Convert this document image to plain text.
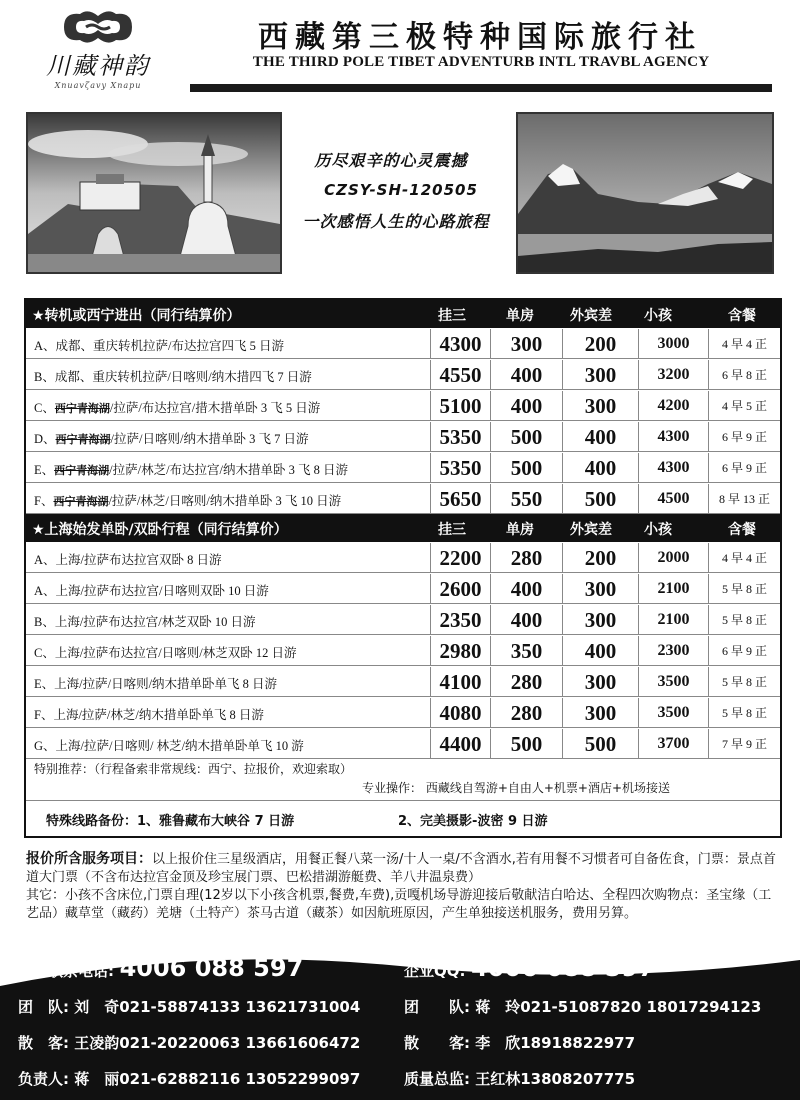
川藏神韵
Xnuavζavy Xnapu
西藏第三极特种国际旅行社
THE THIRD POLE TIBET ADVENTURB INTL TRAVBL AGENCY
历尽艰辛的心灵震撼
CZSY-SH-120505
一次感悟人生的心路旅程
★转机或西宁进出（同行结算价）	挂三	单房	外宾差 小孩	含餐
A、成都、重庆转机拉萨/布达拉宫四飞 5 日游	4300	300	200	3000	4 早 4 正
B、成都、重庆转机拉萨/日喀则/纳木措四飞 7 日游	4550	400	300	3200	6 早 8 正
C、西宁青海湖/拉萨/布达拉宫/措木措单卧 3 飞 5 日游	5100	400	300	4200	4 早 5 正
D、西宁青海湖/拉萨/日喀则/纳木措单卧 3 飞 7 日游	5350	500	400	4300	6 早 9 正
E、西宁青海湖/拉萨/林芝/布达拉宫/纳木措单卧 3 飞 8 日游	5350	500	400	4300	6 早 9 正
F、西宁青海湖/拉萨/林芝/日喀则/纳木措单卧 3 飞 10 日游	5650	550	500	4500	8 早 13 正
★上海始发单卧/双卧行程（同行结算价）	挂三	单房	外宾差 小孩	含餐
A、上海/拉萨布达拉宫双卧 8 日游	2200	280	200	2000	4 早 4 正
A、上海/拉萨布达拉宫/日喀则双卧 10 日游	2600	400	300	2100	5 早 8 正
B、上海/拉萨布达拉宫/林芝双卧 10 日游	2350	400	300	2100	5 早 8 正
C、上海/拉萨布达拉宫/日喀则/林芝双卧 12 日游	2980	350	400	2300	6 早 9 正
E、上海/拉萨/日喀则/纳木措单卧单飞 8 日游	4100	280	300	3500	5 早 8 正
F、上海/拉萨/林芝/纳木措单卧单飞 8 日游	4080	280	300	3500	5 早 8 正
G、上海/拉萨/日喀则/ 林芝/纳木措单卧单飞 10 游	4400	500	500	3700	7 早 9 正
特别推荐：（行程备索非常规线：西宁、拉报价，欢迎索取）
专业操作： 西藏线自驾游+自由人+机票+酒店+机场接送
特殊线路备份：1、雅鲁藏布大峡谷 7 日游	2、完美摄影-波密 9 日游
报价所含服务项目：以上报价住三星级酒店，用餐正餐八菜一汤/十人一桌/不含酒水,若有用餐不习惯者可自备佐食，门票：景点首道大门票（不含布达拉宫金顶及珍宝展门票、巴松措湖游艇费、羊八井温泉费）
其它：小孩不含床位,门票自理(12岁以下小孩含机票,餐费,车费),贡嘎机场导游迎接后敬献洁白哈达、全程四次购物点：圣宝缘（工艺品）藏草堂（藏药）羌塘（土特产）茶马古道（藏茶）如因航班原因，产生单独接送机服务，费用另算。
上海联系电话: 4006 088 597	企业QQ: 4006 088 597
团　队: 刘　奇021-58874133 13621731004
散　客: 王凌韵021-20220063 13661606472
负责人: 蒋　丽021-62882116 13052299097
团　　队: 蒋　玲021-51087820 18017294123
散　　客: 李　欣18918822977
质量总监: 王红林13808207775
